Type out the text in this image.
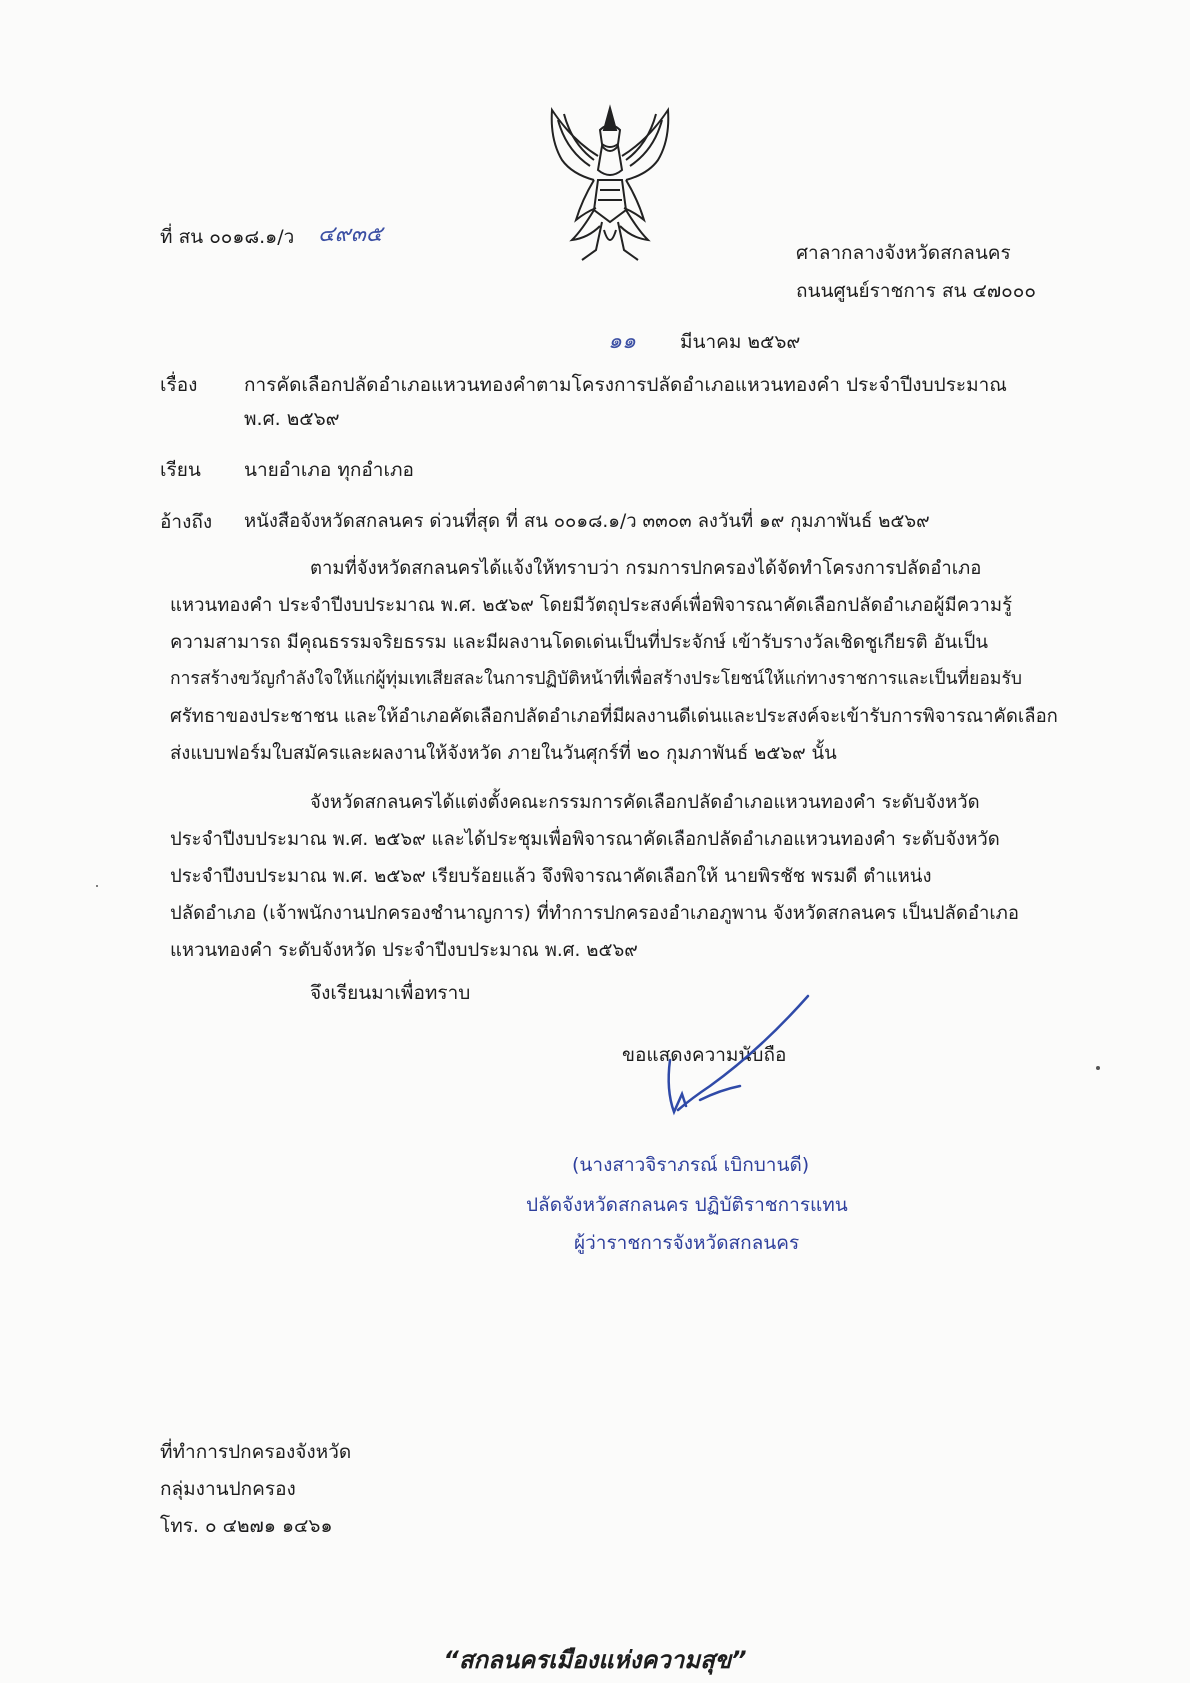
ที่ สน ๐๐๑๘.๑/ว ๔๙๓๕
ศาลากลางจังหวัดสกลนคร
ถนนศูนย์ราชการ สน ๔๗๐๐๐
๑๑ มีนาคม ๒๕๖๙
เรื่อง การคัดเลือกปลัดอำเภอแหวนทองคำตามโครงการปลัดอำเภอแหวนทองคำ ประจำปีงบประมาณ
พ.ศ. ๒๕๖๙
เรียน นายอำเภอ ทุกอำเภอ
อ้างถึง หนังสือจังหวัดสกลนคร ด่วนที่สุด ที่ สน ๐๐๑๘.๑/ว ๓๓๐๓ ลงวันที่ ๑๙ กุมภาพันธ์ ๒๕๖๙
ตามที่จังหวัดสกลนครได้แจ้งให้ทราบว่า กรมการปกครองได้จัดทำโครงการปลัดอำเภอ
แหวนทองคำ ประจำปีงบประมาณ พ.ศ. ๒๕๖๙ โดยมีวัตถุประสงค์เพื่อพิจารณาคัดเลือกปลัดอำเภอผู้มีความรู้
ความสามารถ มีคุณธรรมจริยธรรม และมีผลงานโดดเด่นเป็นที่ประจักษ์ เข้ารับรางวัลเชิดชูเกียรติ อันเป็น
การสร้างขวัญกำลังใจให้แก่ผู้ทุ่มเทเสียสละในการปฏิบัติหน้าที่เพื่อสร้างประโยชน์ให้แก่ทางราชการและเป็นที่ยอมรับ
ศรัทธาของประชาชน และให้อำเภอคัดเลือกปลัดอำเภอที่มีผลงานดีเด่นและประสงค์จะเข้ารับการพิจารณาคัดเลือก
ส่งแบบฟอร์มใบสมัครและผลงานให้จังหวัด ภายในวันศุกร์ที่ ๒๐ กุมภาพันธ์ ๒๕๖๙ นั้น
จังหวัดสกลนครได้แต่งตั้งคณะกรรมการคัดเลือกปลัดอำเภอแหวนทองคำ ระดับจังหวัด
ประจำปีงบประมาณ พ.ศ. ๒๕๖๙ และได้ประชุมเพื่อพิจารณาคัดเลือกปลัดอำเภอแหวนทองคำ ระดับจังหวัด
ประจำปีงบประมาณ พ.ศ. ๒๕๖๙ เรียบร้อยแล้ว จึงพิจารณาคัดเลือกให้ นายพิรชัช พรมดี ตำแหน่ง
ปลัดอำเภอ (เจ้าพนักงานปกครองชำนาญการ) ที่ทำการปกครองอำเภอภูพาน จังหวัดสกลนคร เป็นปลัดอำเภอ
แหวนทองคำ ระดับจังหวัด ประจำปีงบประมาณ พ.ศ. ๒๕๖๙
จึงเรียนมาเพื่อทราบ
ขอแสดงความนับถือ
(นางสาวจิราภรณ์ เบิกบานดี)
ปลัดจังหวัดสกลนคร ปฏิบัติราชการแทน
ผู้ว่าราชการจังหวัดสกลนคร
ที่ทำการปกครองจังหวัด
กลุ่มงานปกครอง
โทร. ๐ ๔๒๗๑ ๑๔๖๑
“สกลนครเมืองแห่งความสุข”
